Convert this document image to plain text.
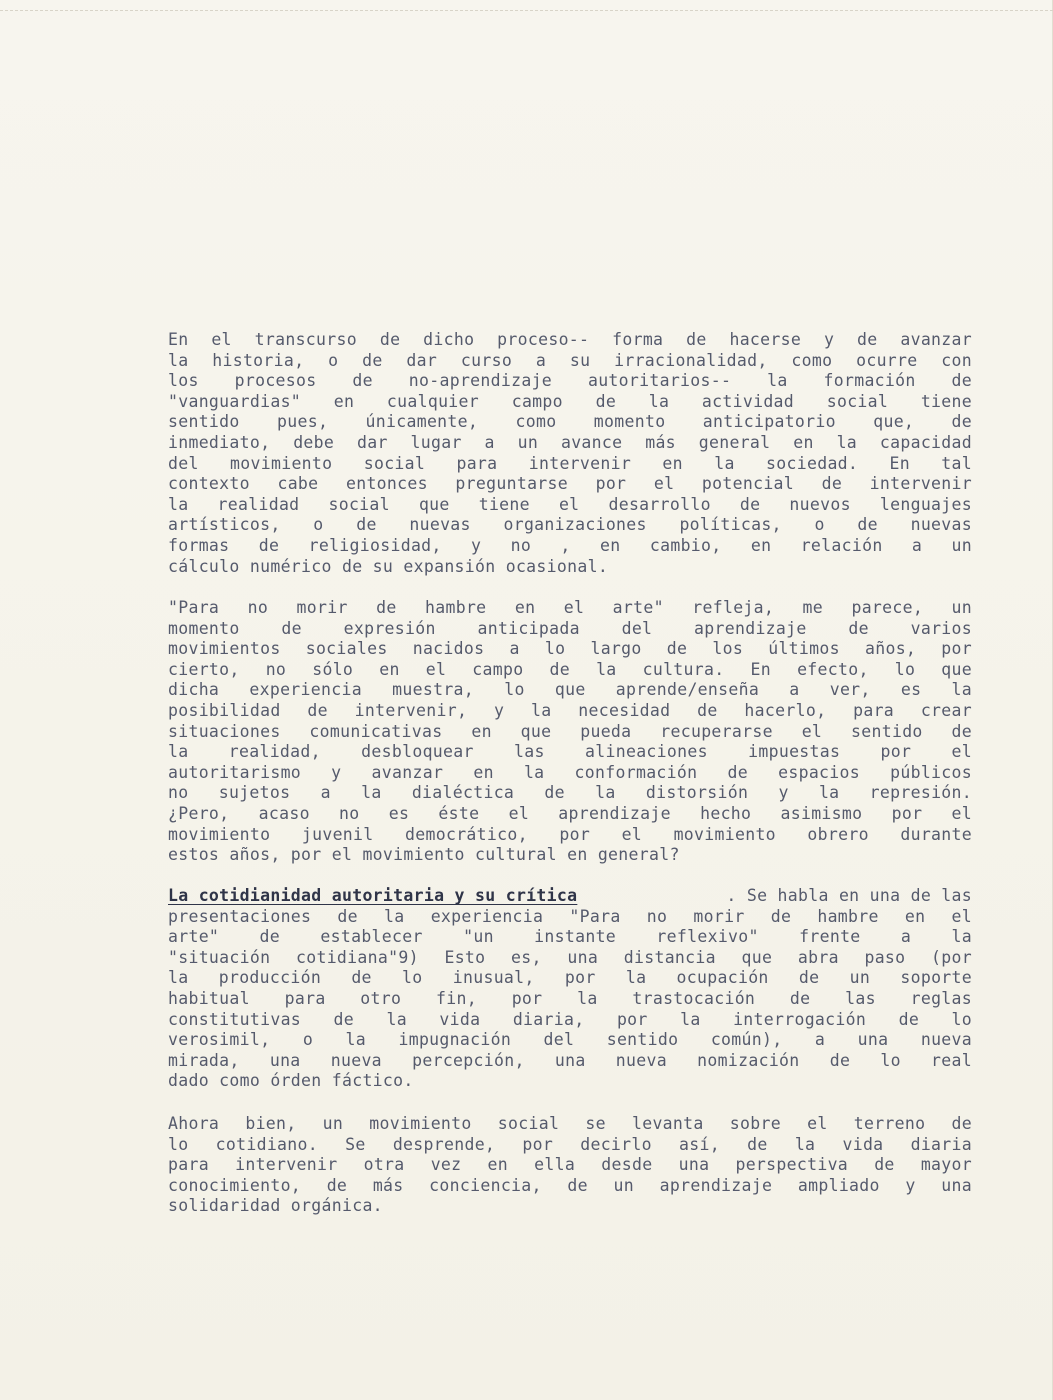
En el transcurso de dicho proceso-- forma de hacerse y de avanzar

la historia, o de dar curso a su irracionalidad, como ocurre con

los procesos de no-aprendizaje autoritarios-- la formación de

"vanguardias" en cualquier campo de la actividad social tiene

sentido pues, únicamente, como momento anticipatorio que, de

inmediato, debe dar lugar a un avance más general en la capacidad

del movimiento social para intervenir en la sociedad. En tal

contexto cabe entonces preguntarse por el potencial de intervenir

la realidad social que tiene el desarrollo de nuevos lenguajes

artísticos, o de nuevas organizaciones políticas, o de nuevas

formas de religiosidad, y no , en cambio, en relación a un

cálculo numérico de su expansión ocasional.

"Para no morir de hambre en el arte" refleja, me parece, un

momento de expresión anticipada del aprendizaje de varios

movimientos sociales nacidos a lo largo de los últimos años, por

cierto, no sólo en el campo de la cultura. En efecto, lo que

dicha experiencia muestra, lo que aprende/enseña a ver, es la

posibilidad de intervenir, y la necesidad de hacerlo, para crear

situaciones comunicativas en que pueda recuperarse el sentido de

la realidad, desbloquear las alineaciones impuestas por el

autoritarismo y avanzar en la conformación de espacios públicos

no sujetos a la dialéctica de la distorsión y la represión.

¿Pero, acaso no es éste el aprendizaje hecho asimismo por el

movimiento juvenil democrático, por el movimiento obrero durante

estos años, por el movimiento cultural en general?

La cotidianidad autoritaria y su crítica	. Se habla en una de las

presentaciones de la experiencia "Para no morir de hambre en el

arte" de establecer "un instante reflexivo" frente a la

"situación cotidiana"9) Esto es, una distancia que abra paso (por

la producción de lo inusual, por la ocupación de un soporte

habitual para otro fin, por la trastocación de las reglas

constitutivas de la vida diaria, por la interrogación de lo

verosimil, o la impugnación del sentido común), a una nueva

mirada, una nueva percepción, una nueva nomización de lo real

dado como órden fáctico.

Ahora bien, un movimiento social se levanta sobre el terreno de

lo cotidiano. Se desprende, por decirlo así, de la vida diaria

para intervenir otra vez en ella desde una perspectiva de mayor

conocimiento, de más conciencia, de un aprendizaje ampliado y una

solidaridad orgánica.
